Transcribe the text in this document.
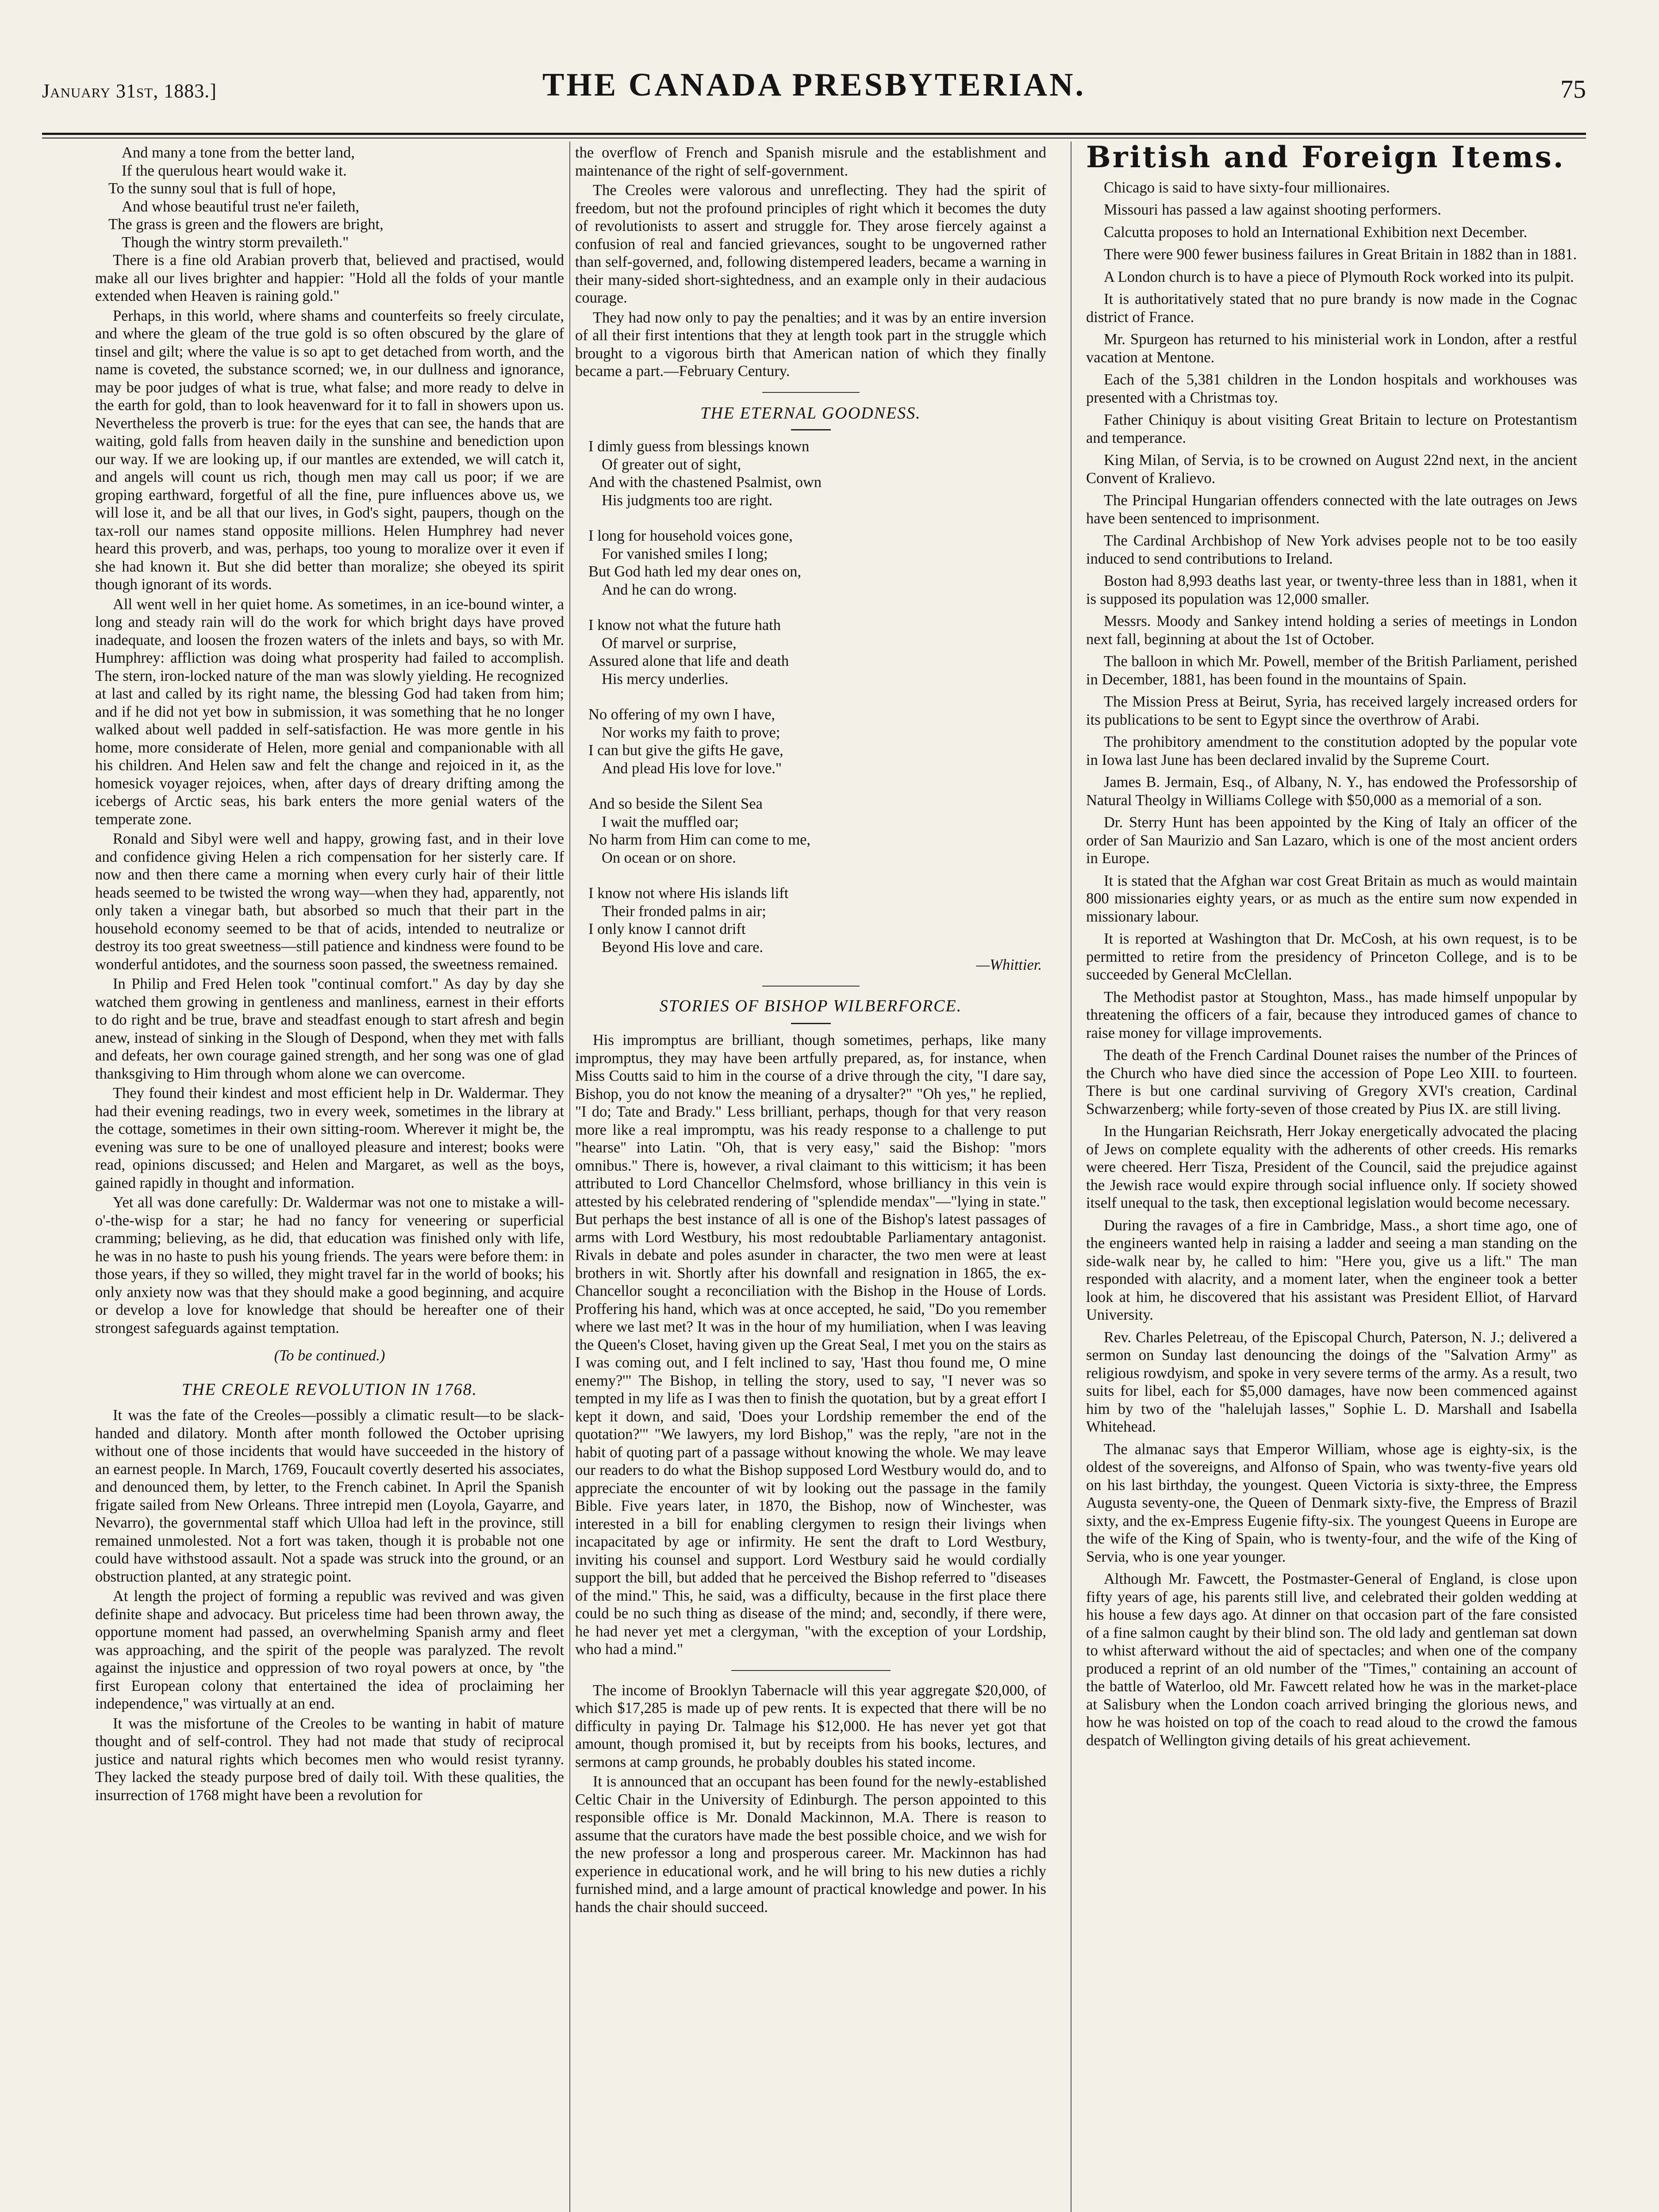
January 31st, 1883.]	THE CANADA PRESBYTERIAN.	75

And many a tone from the better land,

If the querulous heart would wake it.

To the sunny soul that is full of hope,

And whose beautiful trust ne'er faileth,

The grass is green and the flowers are bright,

Though the wintry storm prevaileth."

There is a fine old Arabian proverb that, believed and practised, would make all our lives brighter and happier: "Hold all the folds of your mantle extended when Heaven is raining gold."

Perhaps, in this world, where shams and counterfeits so freely circulate, and where the gleam of the true gold is so often obscured by the glare of tinsel and gilt; where the value is so apt to get detached from worth, and the name is coveted, the substance scorned; we, in our dullness and ignorance, may be poor judges of what is true, what false; and more ready to delve in the earth for gold, than to look heavenward for it to fall in showers upon us. Nevertheless the proverb is true: for the eyes that can see, the hands that are waiting, gold falls from heaven daily in the sunshine and benediction upon our way. If we are looking up, if our mantles are extended, we will catch it, and angels will count us rich, though men may call us poor; if we are groping earthward, forgetful of all the fine, pure influences above us, we will lose it, and be all that our lives, in God's sight, paupers, though on the tax-roll our names stand opposite millions. Helen Humphrey had never heard this proverb, and was, perhaps, too young to moralize over it even if she had known it. But she did better than moralize; she obeyed its spirit though ignorant of its words.

All went well in her quiet home. As sometimes, in an ice-bound winter, a long and steady rain will do the work for which bright days have proved inadequate, and loosen the frozen waters of the inlets and bays, so with Mr. Humphrey: affliction was doing what prosperity had failed to accomplish. The stern, iron-locked nature of the man was slowly yielding. He recognized at last and called by its right name, the blessing God had taken from him; and if he did not yet bow in submission, it was something that he no longer walked about well padded in self-satisfaction. He was more gentle in his home, more considerate of Helen, more genial and companionable with all his children. And Helen saw and felt the change and rejoiced in it, as the homesick voyager rejoices, when, after days of dreary drifting among the icebergs of Arctic seas, his bark enters the more genial waters of the temperate zone.

Ronald and Sibyl were well and happy, growing fast, and in their love and confidence giving Helen a rich compensation for her sisterly care. If now and then there came a morning when every curly hair of their little heads seemed to be twisted the wrong way—when they had, apparently, not only taken a vinegar bath, but absorbed so much that their part in the household economy seemed to be that of acids, intended to neutralize or destroy its too great sweetness—still patience and kindness were found to be wonderful antidotes, and the sourness soon passed, the sweetness remained.

In Philip and Fred Helen took "continual comfort." As day by day she watched them growing in gentleness and manliness, earnest in their efforts to do right and be true, brave and steadfast enough to start afresh and begin anew, instead of sinking in the Slough of Despond, when they met with falls and defeats, her own courage gained strength, and her song was one of glad thanksgiving to Him through whom alone we can overcome.

They found their kindest and most efficient help in Dr. Waldermar. They had their evening readings, two in every week, sometimes in the library at the cottage, sometimes in their own sitting-room. Wherever it might be, the evening was sure to be one of unalloyed pleasure and interest; books were read, opinions discussed; and Helen and Margaret, as well as the boys, gained rapidly in thought and information.

Yet all was done carefully: Dr. Waldermar was not one to mistake a will-o'-the-wisp for a star; he had no fancy for veneering or superficial cramming; believing, as he did, that education was finished only with life, he was in no haste to push his young friends. The years were before them: in those years, if they so willed, they might travel far in the world of books; his only anxiety now was that they should make a good beginning, and acquire or develop a love for knowledge that should be hereafter one of their strongest safeguards against temptation.

(To be continued.)
THE CREOLE REVOLUTION IN 1768.

It was the fate of the Creoles—possibly a climatic result—to be slack-handed and dilatory. Month after month followed the October uprising without one of those incidents that would have succeeded in the history of an earnest people. In March, 1769, Foucault covertly deserted his associates, and denounced them, by letter, to the French cabinet. In April the Spanish frigate sailed from New Orleans. Three intrepid men (Loyola, Gayarre, and Nevarro), the governmental staff which Ulloa had left in the province, still remained unmolested. Not a fort was taken, though it is probable not one could have withstood assault. Not a spade was struck into the ground, or an obstruction planted, at any strategic point.

At length the project of forming a republic was revived and was given definite shape and advocacy. But priceless time had been thrown away, the opportune moment had passed, an overwhelming Spanish army and fleet was approaching, and the spirit of the people was paralyzed. The revolt against the injustice and oppression of two royal powers at once, by "the first European colony that entertained the idea of proclaiming her independence," was virtually at an end.

It was the misfortune of the Creoles to be wanting in habit of mature thought and of self-control. They had not made that study of reciprocal justice and natural rights which becomes men who would resist tyranny. They lacked the steady purpose bred of daily toil. With these qualities, the insurrection of 1768 might have been a revolution for

the overflow of French and Spanish misrule and the establishment and maintenance of the right of self-government.

The Creoles were valorous and unreflecting. They had the spirit of freedom, but not the profound principles of right which it becomes the duty of revolutionists to assert and struggle for. They arose fiercely against a confusion of real and fancied grievances, sought to be ungoverned rather than self-governed, and, following distempered leaders, became a warning in their many-sided short-sightedness, and an example only in their audacious courage.

They had now only to pay the penalties; and it was by an entire inversion of all their first intentions that they at length took part in the struggle which brought to a vigorous birth that American nation of which they finally became a part.—February Century.

THE ETERNAL GOODNESS.

I dimly guess from blessings known

Of greater out of sight,

And with the chastened Psalmist, own

His judgments too are right.

I long for household voices gone,

For vanished smiles I long;

But God hath led my dear ones on,

And he can do wrong.

I know not what the future hath

Of marvel or surprise,

Assured alone that life and death

His mercy underlies.

No offering of my own I have,

Nor works my faith to prove;

I can but give the gifts He gave,

And plead His love for love."

And so beside the Silent Sea

I wait the muffled oar;

No harm from Him can come to me,

On ocean or on shore.

I know not where His islands lift

Their fronded palms in air;

I only know I cannot drift

Beyond His love and care.

—Whittier.
STORIES OF BISHOP WILBERFORCE.

His impromptus are brilliant, though sometimes, perhaps, like many impromptus, they may have been artfully prepared, as, for instance, when Miss Coutts said to him in the course of a drive through the city, "I dare say, Bishop, you do not know the meaning of a drysalter?" "Oh yes," he replied, "I do; Tate and Brady." Less brilliant, perhaps, though for that very reason more like a real impromptu, was his ready response to a challenge to put "hearse" into Latin. "Oh, that is very easy," said the Bishop: "mors omnibus." There is, however, a rival claimant to this witticism; it has been attributed to Lord Chancellor Chelmsford, whose brilliancy in this vein is attested by his celebrated rendering of "splendide mendax"—"lying in state." But perhaps the best instance of all is one of the Bishop's latest passages of arms with Lord Westbury, his most redoubtable Parliamentary antagonist. Rivals in debate and poles asunder in character, the two men were at least brothers in wit. Shortly after his downfall and resignation in 1865, the ex-Chancellor sought a reconciliation with the Bishop in the House of Lords. Proffering his hand, which was at once accepted, he said, "Do you remember where we last met? It was in the hour of my humiliation, when I was leaving the Queen's Closet, having given up the Great Seal, I met you on the stairs as I was coming out, and I felt inclined to say, 'Hast thou found me, O mine enemy?'" The Bishop, in telling the story, used to say, "I never was so tempted in my life as I was then to finish the quotation, but by a great effort I kept it down, and said, 'Does your Lordship remember the end of the quotation?'" "We lawyers, my lord Bishop," was the reply, "are not in the habit of quoting part of a passage without knowing the whole. We may leave our readers to do what the Bishop supposed Lord Westbury would do, and to appreciate the encounter of wit by looking out the passage in the family Bible. Five years later, in 1870, the Bishop, now of Winchester, was interested in a bill for enabling clergymen to resign their livings when incapacitated by age or infirmity. He sent the draft to Lord Westbury, inviting his counsel and support. Lord Westbury said he would cordially support the bill, but added that he perceived the Bishop referred to "diseases of the mind." This, he said, was a difficulty, because in the first place there could be no such thing as disease of the mind; and, secondly, if there were, he had never yet met a clergyman, "with the exception of your Lordship, who had a mind."

The income of Brooklyn Tabernacle will this year aggregate $20,000, of which $17,285 is made up of pew rents. It is expected that there will be no difficulty in paying Dr. Talmage his $12,000. He has never yet got that amount, though promised it, but by receipts from his books, lectures, and sermons at camp grounds, he probably doubles his stated income.

It is announced that an occupant has been found for the newly-established Celtic Chair in the University of Edinburgh. The person appointed to this responsible office is Mr. Donald Mackinnon, M.A. There is reason to assume that the curators have made the best possible choice, and we wish for the new professor a long and prosperous career. Mr. Mackinnon has had experience in educational work, and he will bring to his new duties a richly furnished mind, and a large amount of practical knowledge and power. In his hands the chair should succeed.

British and Foreign Items.

Chicago is said to have sixty-four millionaires.

Missouri has passed a law against shooting performers.

Calcutta proposes to hold an International Exhibition next December.

There were 900 fewer business failures in Great Britain in 1882 than in 1881.

A London church is to have a piece of Plymouth Rock worked into its pulpit.

It is authoritatively stated that no pure brandy is now made in the Cognac district of France.

Mr. Spurgeon has returned to his ministerial work in London, after a restful vacation at Mentone.

Each of the 5,381 children in the London hospitals and workhouses was presented with a Christmas toy.

Father Chiniquy is about visiting Great Britain to lecture on Protestantism and temperance.

King Milan, of Servia, is to be crowned on August 22nd next, in the ancient Convent of Kralievo.

The Principal Hungarian offenders connected with the late outrages on Jews have been sentenced to imprisonment.

The Cardinal Archbishop of New York advises people not to be too easily induced to send contributions to Ireland.

Boston had 8,993 deaths last year, or twenty-three less than in 1881, when it is supposed its population was 12,000 smaller.

Messrs. Moody and Sankey intend holding a series of meetings in London next fall, beginning at about the 1st of October.

The balloon in which Mr. Powell, member of the British Parliament, perished in December, 1881, has been found in the mountains of Spain.

The Mission Press at Beirut, Syria, has received largely increased orders for its publications to be sent to Egypt since the overthrow of Arabi.

The prohibitory amendment to the constitution adopted by the popular vote in Iowa last June has been declared invalid by the Supreme Court.

James B. Jermain, Esq., of Albany, N. Y., has endowed the Professorship of Natural Theolgy in Williams College with $50,000 as a memorial of a son.

Dr. Sterry Hunt has been appointed by the King of Italy an officer of the order of San Maurizio and San Lazaro, which is one of the most ancient orders in Europe.

It is stated that the Afghan war cost Great Britain as much as would maintain 800 missionaries eighty years, or as much as the entire sum now expended in missionary labour.

It is reported at Washington that Dr. McCosh, at his own request, is to be permitted to retire from the presidency of Princeton College, and is to be succeeded by General McClellan.

The Methodist pastor at Stoughton, Mass., has made himself unpopular by threatening the officers of a fair, because they introduced games of chance to raise money for village improvements.

The death of the French Cardinal Dounet raises the number of the Princes of the Church who have died since the accession of Pope Leo XIII. to fourteen. There is but one cardinal surviving of Gregory XVI's creation, Cardinal Schwarzenberg; while forty-seven of those created by Pius IX. are still living.

In the Hungarian Reichsrath, Herr Jokay energetically advocated the placing of Jews on complete equality with the adherents of other creeds. His remarks were cheered. Herr Tisza, President of the Council, said the prejudice against the Jewish race would expire through social influence only. If society showed itself unequal to the task, then exceptional legislation would become necessary.

During the ravages of a fire in Cambridge, Mass., a short time ago, one of the engineers wanted help in raising a ladder and seeing a man standing on the side-walk near by, he called to him: "Here you, give us a lift." The man responded with alacrity, and a moment later, when the engineer took a better look at him, he discovered that his assistant was President Elliot, of Harvard University.

Rev. Charles Peletreau, of the Episcopal Church, Paterson, N. J.; delivered a sermon on Sunday last denouncing the doings of the "Salvation Army" as religious rowdyism, and spoke in very severe terms of the army. As a result, two suits for libel, each for $5,000 damages, have now been commenced against him by two of the "halelujah lasses," Sophie L. D. Marshall and Isabella Whitehead.

The almanac says that Emperor William, whose age is eighty-six, is the oldest of the sovereigns, and Alfonso of Spain, who was twenty-five years old on his last birthday, the youngest. Queen Victoria is sixty-three, the Empress Augusta seventy-one, the Queen of Denmark sixty-five, the Empress of Brazil sixty, and the ex-Empress Eugenie fifty-six. The youngest Queens in Europe are the wife of the King of Spain, who is twenty-four, and the wife of the King of Servia, who is one year younger.

Although Mr. Fawcett, the Postmaster-General of England, is close upon fifty years of age, his parents still live, and celebrated their golden wedding at his house a few days ago. At dinner on that occasion part of the fare consisted of a fine salmon caught by their blind son. The old lady and gentleman sat down to whist afterward without the aid of spectacles; and when one of the company produced a reprint of an old number of the "Times," containing an account of the battle of Waterloo, old Mr. Fawcett related how he was in the market-place at Salisbury when the London coach arrived bringing the glorious news, and how he was hoisted on top of the coach to read aloud to the crowd the famous despatch of Wellington giving details of his great achievement.
